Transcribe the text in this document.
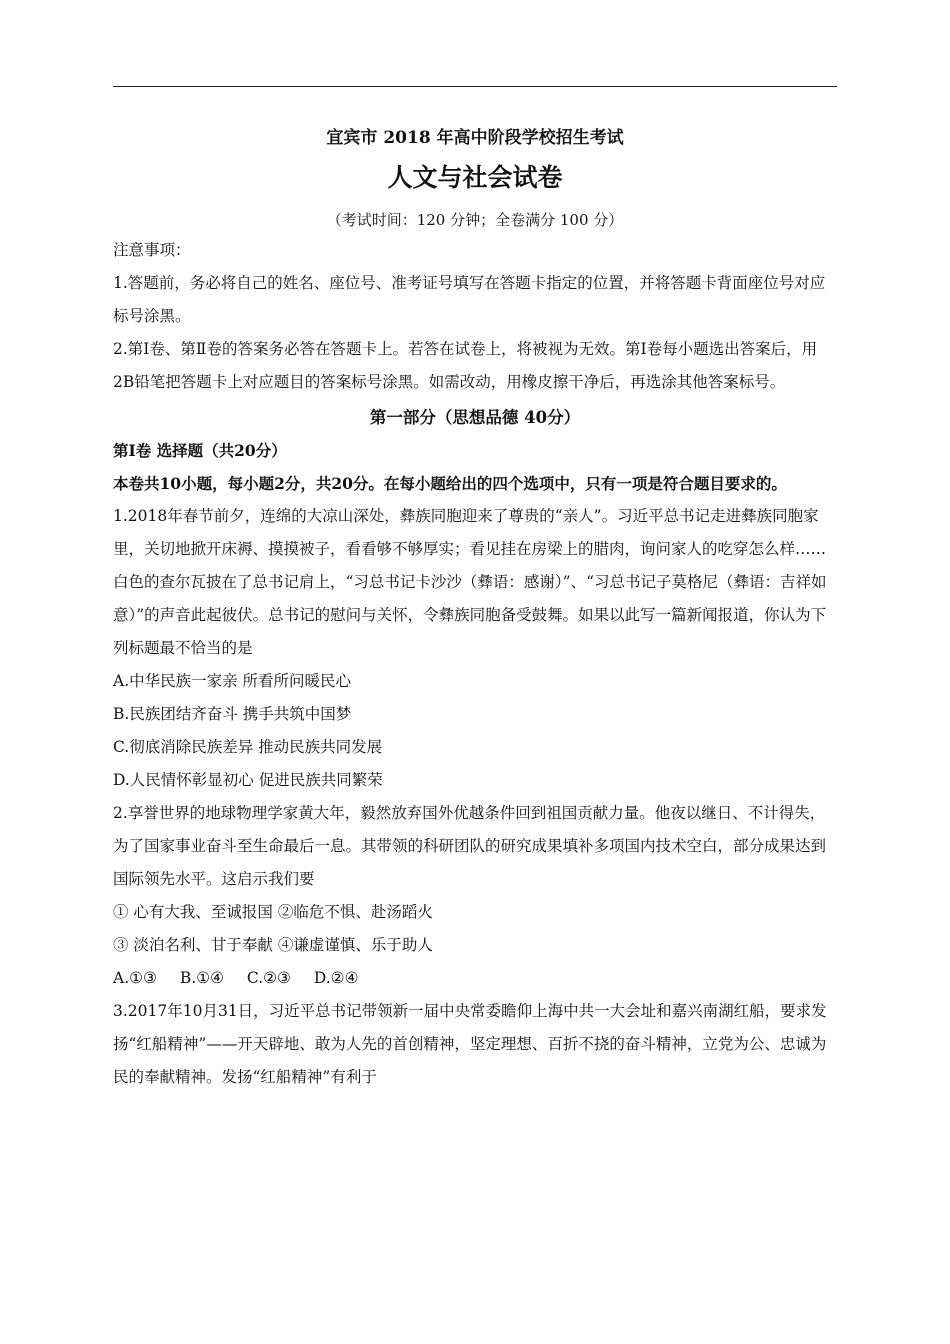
宜宾市 2018 年高中阶段学校招生考试
人文与社会试卷
（考试时间：120 分钟；全卷满分 100 分）

注意事项：

1.答题前，务必将自己的姓名、座位号、准考证号填写在答题卡指定的位置，并将答题卡背面座位号对应标号涂黑。

2.第Ⅰ卷、第Ⅱ卷的答案务必答在答题卡上。若答在试卷上，将被视为无效。第Ⅰ卷每小题选出答案后，用2B铅笔把答题卡上对应题目的答案标号涂黑。如需改动，用橡皮擦干净后，再选涂其他答案标号。

第一部分（思想品德 40分）

第Ⅰ卷 选择题（共20分）

本卷共10小题，每小题2分，共20分。在每小题给出的四个选项中，只有一项是符合题目要求的。

1.2018年春节前夕，连绵的大凉山深处，彝族同胞迎来了尊贵的“亲人”。习近平总书记走进彝族同胞家里，关切地掀开床褥、摸摸被子，看看够不够厚实；看见挂在房梁上的腊肉，询问家人的吃穿怎么样……白色的查尔瓦披在了总书记肩上，“习总书记卡沙沙（彝语：感谢）”、“习总书记子莫格尼（彝语：吉祥如意）”的声音此起彼伏。总书记的慰问与关怀，令彝族同胞备受鼓舞。如果以此写一篇新闻报道，你认为下列标题最不恰当的是

A.中华民族一家亲 所看所问暖民心

B.民族团结齐奋斗 携手共筑中国梦

C.彻底消除民族差异 推动民族共同发展

D.人民情怀彰显初心 促进民族共同繁荣

2.享誉世界的地球物理学家黄大年，毅然放弃国外优越条件回到祖国贡献力量。他夜以继日、不计得失，为了国家事业奋斗至生命最后一息。其带领的科研团队的研究成果填补多项国内技术空白，部分成果达到国际领先水平。这启示我们要

① 心有大我、至诚报国 ②临危不惧、赴汤蹈火

③ 淡泊名利、甘于奉献 ④谦虚谨慎、乐于助人

A.①③ B.①④ C.②③ D.②④

3.2017年10月31日，习近平总书记带领新一届中央常委瞻仰上海中共一大会址和嘉兴南湖红船，要求发扬“红船精神”——开天辟地、敢为人先的首创精神，坚定理想、百折不挠的奋斗精神，立党为公、忠诚为民的奉献精神。发扬“红船精神”有利于
